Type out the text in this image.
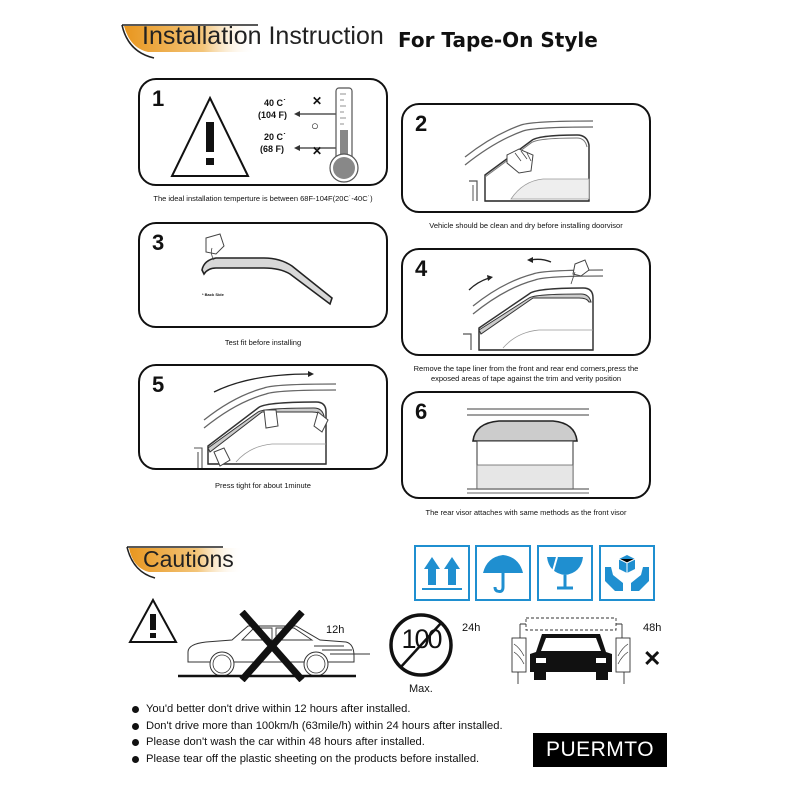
Installation Instruction For Tape-On Style
1	40 C˙
(104 F)
20 C˙
(68 F)
✕
○
✕
The ideal installation temperture is between 68F-104F(20C˙-40C˙)
2
Vehicle should be clean and dry before installing doorvisor
3
* Back Side
Test fit before installing
4
Remove the tape liner from the front and rear end corners,press the exposed areas of tape against the trim and verity position
5
Press tight for about 1minute
6
The rear visor attaches with same methods as the front visor
Cautions
12h	100	24h
Max.
48h
✕
You'd better don't drive within 12 hours after installed.
Don't drive more than 100km/h (63mile/h) within 24 hours after installed.
Please don't wash the car within 48 hours after installed.
Please tear off the plastic sheeting on the products before installed.	PUERMTO
